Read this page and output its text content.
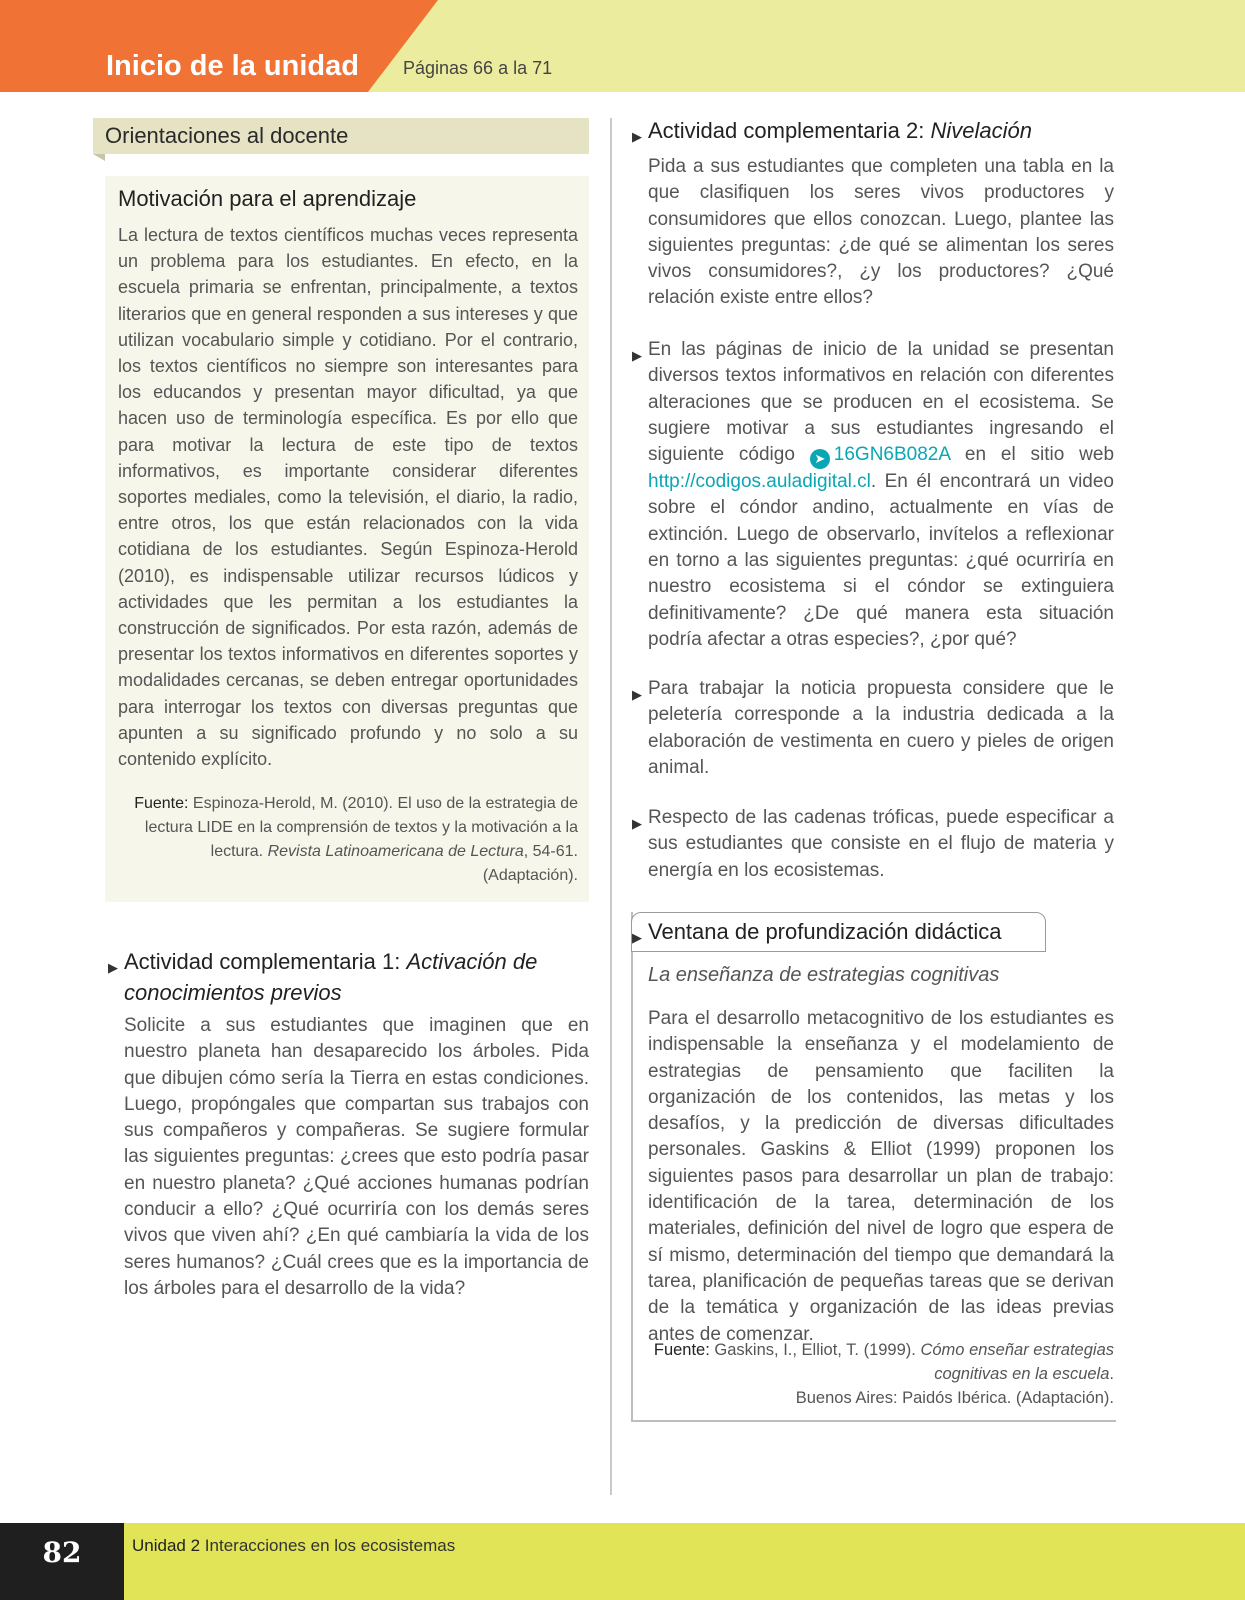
Inicio de la unidad Páginas 66 a la 71
Orientaciones al docente
Motivación para el aprendizaje

La lectura de textos científicos muchas veces representa un problema para los estudiantes. En efecto, en la escuela primaria se enfrentan, principalmente, a textos literarios que en general responden a sus intereses y que utilizan vocabulario simple y cotidiano. Por el contrario, los textos científicos no siempre son interesantes para los educandos y presentan mayor dificultad, ya que hacen uso de terminología específica. Es por ello que para motivar la lectura de este tipo de textos informativos, es importante considerar diferentes soportes mediales, como la televisión, el diario, la radio, entre otros, los que están relacionados con la vida cotidiana de los estudiantes. Según Espinoza-Herold (2010), es indispensable utilizar recursos lúdicos y actividades que les permitan a los estudiantes la construcción de significados. Por esta razón, además de presentar los textos informativos en diferentes soportes y modalidades cercanas, se deben entregar oportunidades para interrogar los textos con diversas preguntas que apunten a su significado profundo y no solo a su contenido explícito.

Fuente: Espinoza-Herold, M. (2010). El uso de la estrategia de lectura LIDE en la comprensión de textos y la motivación a la lectura. Revista Latinoamericana de Lectura, 54-61. (Adaptación).

▶ Actividad complementaria 1: Activación de conocimientos previos

Solicite a sus estudiantes que imaginen que en nuestro planeta han desaparecido los árboles. Pida que dibujen cómo sería la Tierra en estas condiciones. Luego, propóngales que compartan sus trabajos con sus compañeros y compañeras. Se sugiere formular las siguientes preguntas: ¿crees que esto podría pasar en nuestro planeta? ¿Qué acciones humanas podrían conducir a ello? ¿Qué ocurriría con los demás seres vivos que viven ahí? ¿En qué cambiaría la vida de los seres humanos? ¿Cuál crees que es la importancia de los árboles para el desarrollo de la vida?

▶ Actividad complementaria 2: Nivelación

Pida a sus estudiantes que completen una tabla en la que clasifiquen los seres vivos productores y consumidores que ellos conozcan. Luego, plantee las siguientes preguntas: ¿de qué se alimentan los seres vivos consumidores?, ¿y los productores? ¿Qué relación existe entre ellos?

▶ En las páginas de inicio de la unidad se presentan diversos textos informativos en relación con diferentes alteraciones que se producen en el ecosistema. Se sugiere motivar a sus estudiantes ingresando el siguiente código ➤ 16GN6B082A en el sitio web http://codigos.auladigital.cl. En él encontrará un video sobre el cóndor andino, actualmente en vías de extinción. Luego de observarlo, invítelos a reflexionar en torno a las siguientes preguntas: ¿qué ocurriría en nuestro ecosistema si el cóndor se extinguiera definitivamente? ¿De qué manera esta situación podría afectar a otras especies?, ¿por qué?

▶ Para trabajar la noticia propuesta considere que le peletería corresponde a la industria dedicada a la elaboración de vestimenta en cuero y pieles de origen animal.

▶ Respecto de las cadenas tróficas, puede especificar a sus estudiantes que consiste en el flujo de materia y energía en los ecosistemas.

▶ Ventana de profundización didáctica
La enseñanza de estrategias cognitivas

Para el desarrollo metacognitivo de los estudiantes es indispensable la enseñanza y el modelamiento de estrategias de pensamiento que faciliten la organización de los contenidos, las metas y los desafíos, y la predicción de diversas dificultades personales. Gaskins & Elliot (1999) proponen los siguientes pasos para desarrollar un plan de trabajo: identificación de la tarea, determinación de los materiales, definición del nivel de logro que espera de sí mismo, determinación del tiempo que demandará la tarea, planificación de pequeñas tareas que se derivan de la temática y organización de las ideas previas antes de comenzar.

Fuente: Gaskins, I., Elliot, T. (1999). Cómo enseñar estrategias cognitivas en la escuela.
Buenos Aires: Paidós Ibérica. (Adaptación).

82	Unidad 2 Interacciones en los ecosistemas
